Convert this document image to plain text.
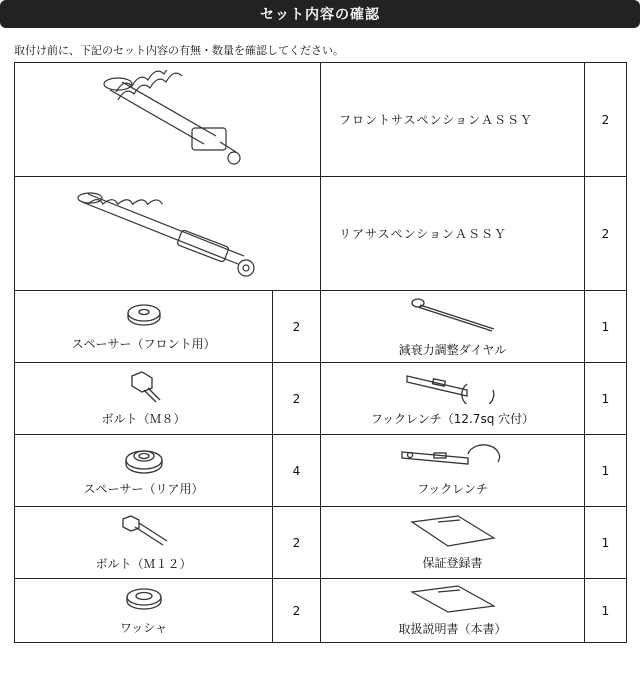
セット内容の確認
取付け前に、下記のセット内容の有無・数量を確認してください。
	フロントサスペンションＡＳＳＹ	2

	リアサスペンションＡＳＳＹ	2

スペーサー（フロント用）	2	減衰力調整ダイヤル	1

ボルト（Ｍ８）	2	フックレンチ（12.7sq 穴付）	1

スペーサー（リア用）	4	フックレンチ	1

ボルト（Ｍ１２）	2	保証登録書	1

ワッシャ	2	取扱説明書（本書）	1
